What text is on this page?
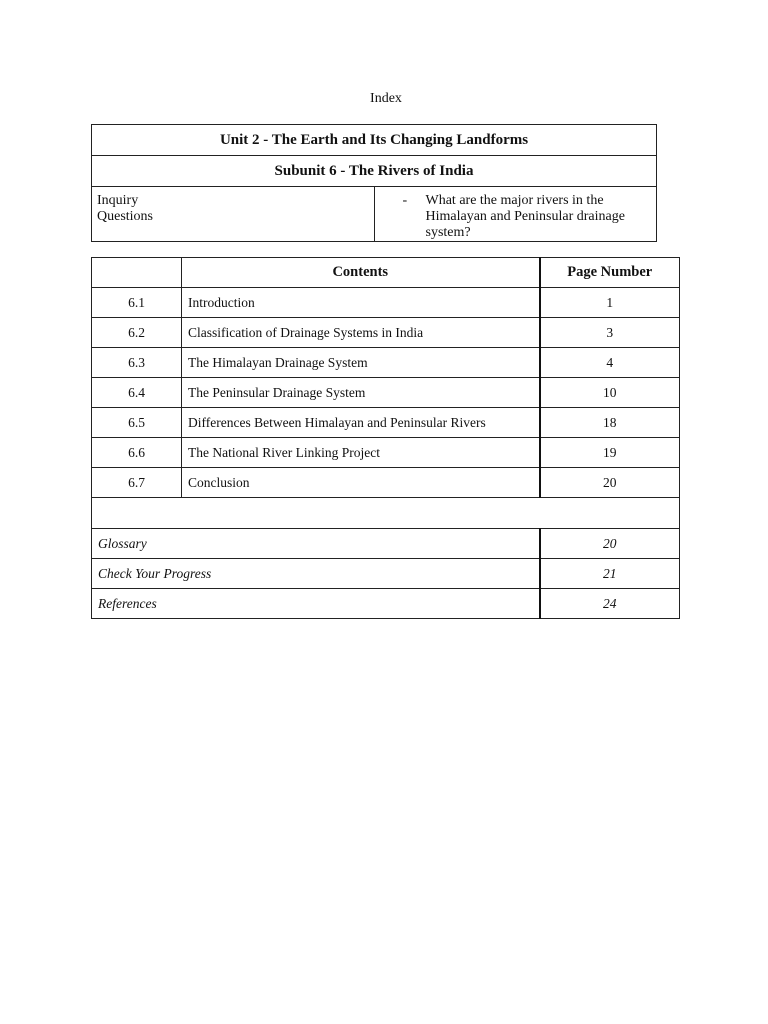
Index
Unit 2 - The Earth and Its Changing Landforms
Subunit 6 - The Rivers of India
Inquiry
Questions	
-	What are the major rivers in the Himalayan and Peninsular drainage system?
	Contents	Page Number
6.1	Introduction	1
6.2	Classification of Drainage Systems in India	3
6.3	The Himalayan Drainage System	4
6.4	The Peninsular Drainage System	10
6.5	Differences Between Himalayan and Peninsular Rivers	18
6.6	The National River Linking Project	19
6.7	Conclusion	20

Glossary		20
Check Your Progress		21
References		24
